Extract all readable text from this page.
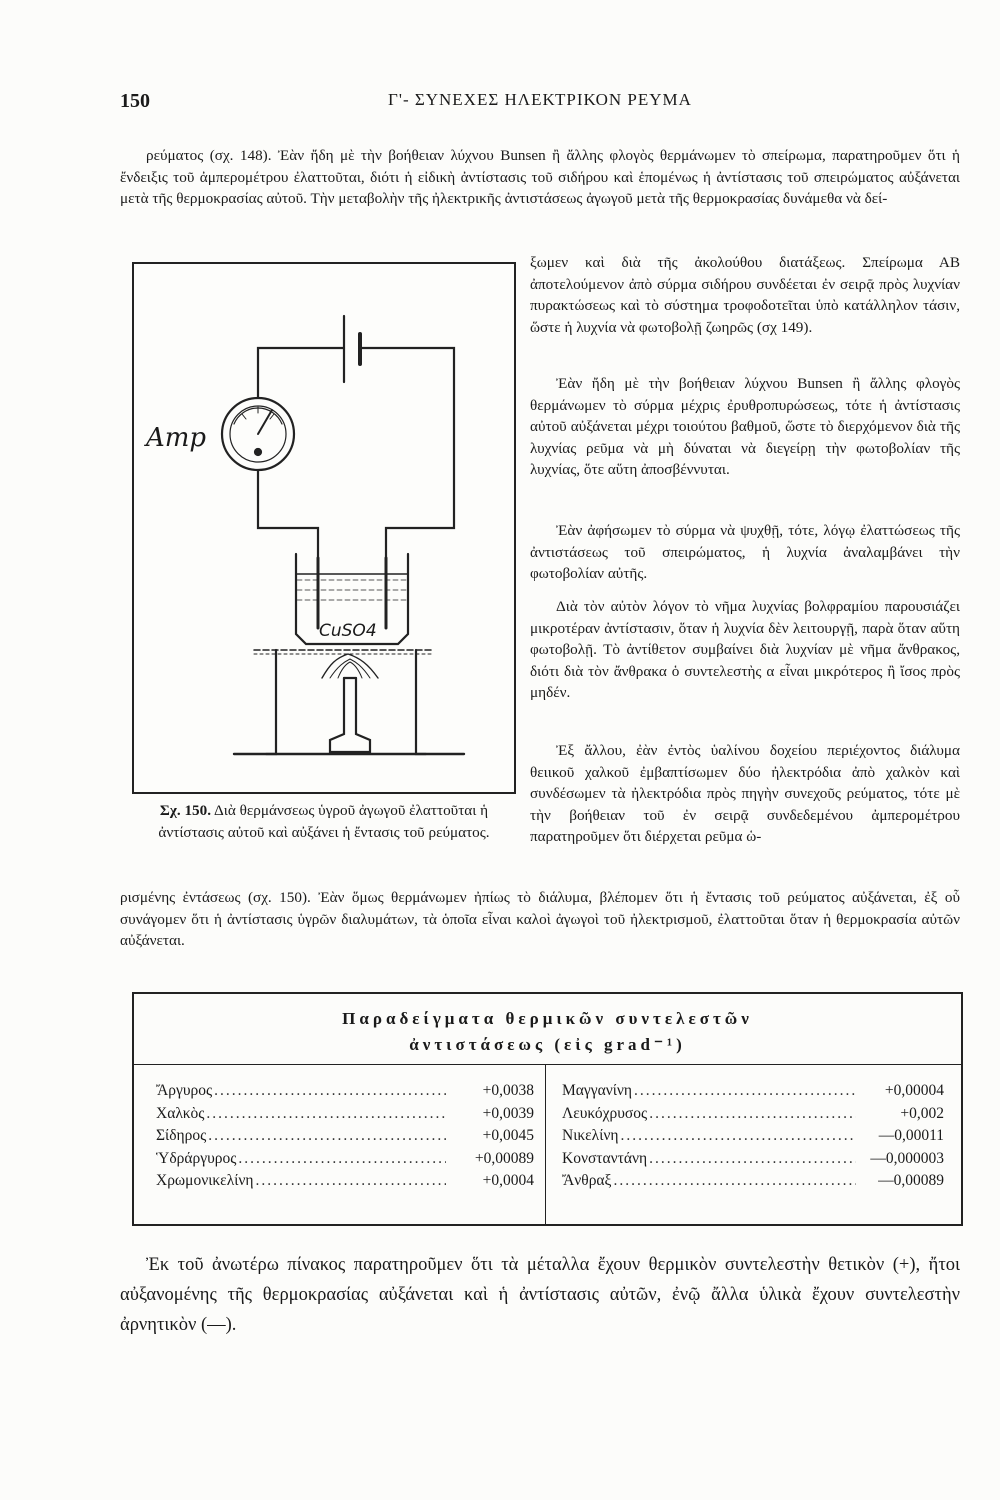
150	Γ'- ΣΥΝΕΧΕΣ ΗΛΕΚΤΡΙΚΟΝ ΡΕΥΜΑ

ρεύματος (σχ. 148). Ἐὰν ἤδη μὲ τὴν βοήθειαν λύχνου Bunsen ἢ ἄλλης φλογὸς θερμάνωμεν τὸ σπείρωμα, παρατηροῦμεν ὅτι ἡ ἔνδειξις τοῦ ἀμπερομέτρου ἐλαττοῦται, διότι ἡ εἰδικὴ ἀντίστασις τοῦ σιδήρου καὶ ἑπομένως ἡ ἀντίστασις τοῦ σπειρώματος αὐξάνεται μετὰ τῆς θερμοκρασίας αὐτοῦ. Τὴν μεταβολὴν τῆς ἠλεκτρικῆς ἀντιστάσεως ἀγωγοῦ μετὰ τῆς θερμοκρασίας δυνάμεθα νὰ δεί-

ξωμεν καὶ διὰ τῆς ἀκολούθου διατάξεως. Σπείρωμα ΑΒ ἀποτελούμενον ἀπὸ σύρμα σιδήρου συνδέεται ἐν σειρᾷ πρὸς λυχνίαν πυρακτώσεως καὶ τὸ σύστημα τροφοδοτεῖται ὑπὸ κατάλληλον τάσιν, ὥστε ἡ λυχνία νὰ φωτοβολῇ ζωηρῶς (σχ 149).

Ἐὰν ἤδη μὲ τὴν βοήθειαν λύχνου Bunsen ἢ ἄλλης φλογὸς θερμάνωμεν τὸ σύρμα μέχρις ἐρυθροπυρώσεως, τότε ἡ ἀντίστασις αὐτοῦ αὐξάνεται μέχρι τοιούτου βαθμοῦ, ὥστε τὸ διερχόμενον διὰ τῆς λυχνίας ρεῦμα νὰ μὴ δύναται νὰ διεγείρῃ τὴν φωτοβολίαν τῆς λυχνίας, ὅτε αὕτη ἀποσβέννυται.

Ἐὰν ἀφήσωμεν τὸ σύρμα νὰ ψυχθῇ, τότε, λόγῳ ἐλαττώσεως τῆς ἀντιστάσεως τοῦ σπειρώματος, ἡ λυχνία ἀναλαμβάνει τὴν φωτοβολίαν αὐτῆς.

Διὰ τὸν αὐτὸν λόγον τὸ νῆμα λυχνίας βολφραμίου παρουσιάζει μικροτέραν ἀντίστασιν, ὅταν ἡ λυχνία δὲν λειτουργῇ, παρὰ ὅταν αὕτη φωτοβολῇ. Τὸ ἀντίθετον συμβαίνει διὰ λυχνίαν μὲ νῆμα ἄνθρακος, διότι διὰ τὸν ἄνθρακα ὁ συντελεστὴς α εἶναι μικρότερος ἢ ἴσος πρὸς μηδέν.

Ἐξ ἄλλου, ἐὰν ἐντὸς ὑαλίνου δοχείου περιέχοντος διάλυμα θειικοῦ χαλκοῦ ἐμβαπτίσωμεν δύο ἠλεκτρόδια ἀπὸ χαλκὸν καὶ συνδέσωμεν τὰ ἠλεκτρόδια πρὸς πηγὴν συνεχοῦς ρεύματος, τότε μὲ τὴν βοήθειαν τοῦ ἐν σειρᾷ συνδεδεμένου ἀμπερομέτρου παρατηροῦμεν ὅτι διέρχεται ρεῦμα ὡ-

Amp
CuSO4
Σχ. 150. Διὰ θερμάνσεως ὑγροῦ ἀγωγοῦ ἐλαττοῦται ἡ ἀντίστασις αὐτοῦ καὶ αὐξάνει ἡ ἔντασις τοῦ ρεύματος.

ρισμένης ἐντάσεως (σχ. 150). Ἐὰν ὅμως θερμάνωμεν ἠπίως τὸ διάλυμα, βλέπομεν ὅτι ἡ ἔντασις τοῦ ρεύματος αὐξάνεται, ἐξ οὗ συνάγομεν ὅτι ἡ ἀντίστασις ὑγρῶν διαλυμάτων, τὰ ὁποῖα εἶναι καλοὶ ἀγωγοὶ τοῦ ἠλεκτρισμοῦ, ἐλαττοῦται ὅταν ἡ θερμοκρασία αὐτῶν αὐξάνεται.

Παραδείγματα θερμικῶν συντελεστῶν
ἀντιστάσεως (εἰς grad⁻¹)
Ἄργυρος .....	+0,0038
Χαλκὸς .....	+0,0039
Σίδηρος .....	+0,0045
Ὑδράργυρος .....	+0,00089
Χρωμονικελίνη .....	+0,0004
Μαγγανίνη .....	+0,00004
Λευκόχρυσος .....	+0,002
Νικελίνη .....	—0,00011
Κονσταντάνη .....	—0,000003
Ἄνθραξ .....	—0,00089

Ἐκ τοῦ ἀνωτέρω πίνακος παρατηροῦμεν ὅτι τὰ μέταλλα ἔχουν θερμικὸν συντελεστὴν θετικὸν (+), ἤτοι αὐξανομένης τῆς θερμοκρασίας αὐξάνεται καὶ ἡ ἀντίστασις αὐτῶν, ἐνῷ ἄλλα ὑλικὰ ἔχουν συντελεστὴν ἀρνητικὸν (—).
